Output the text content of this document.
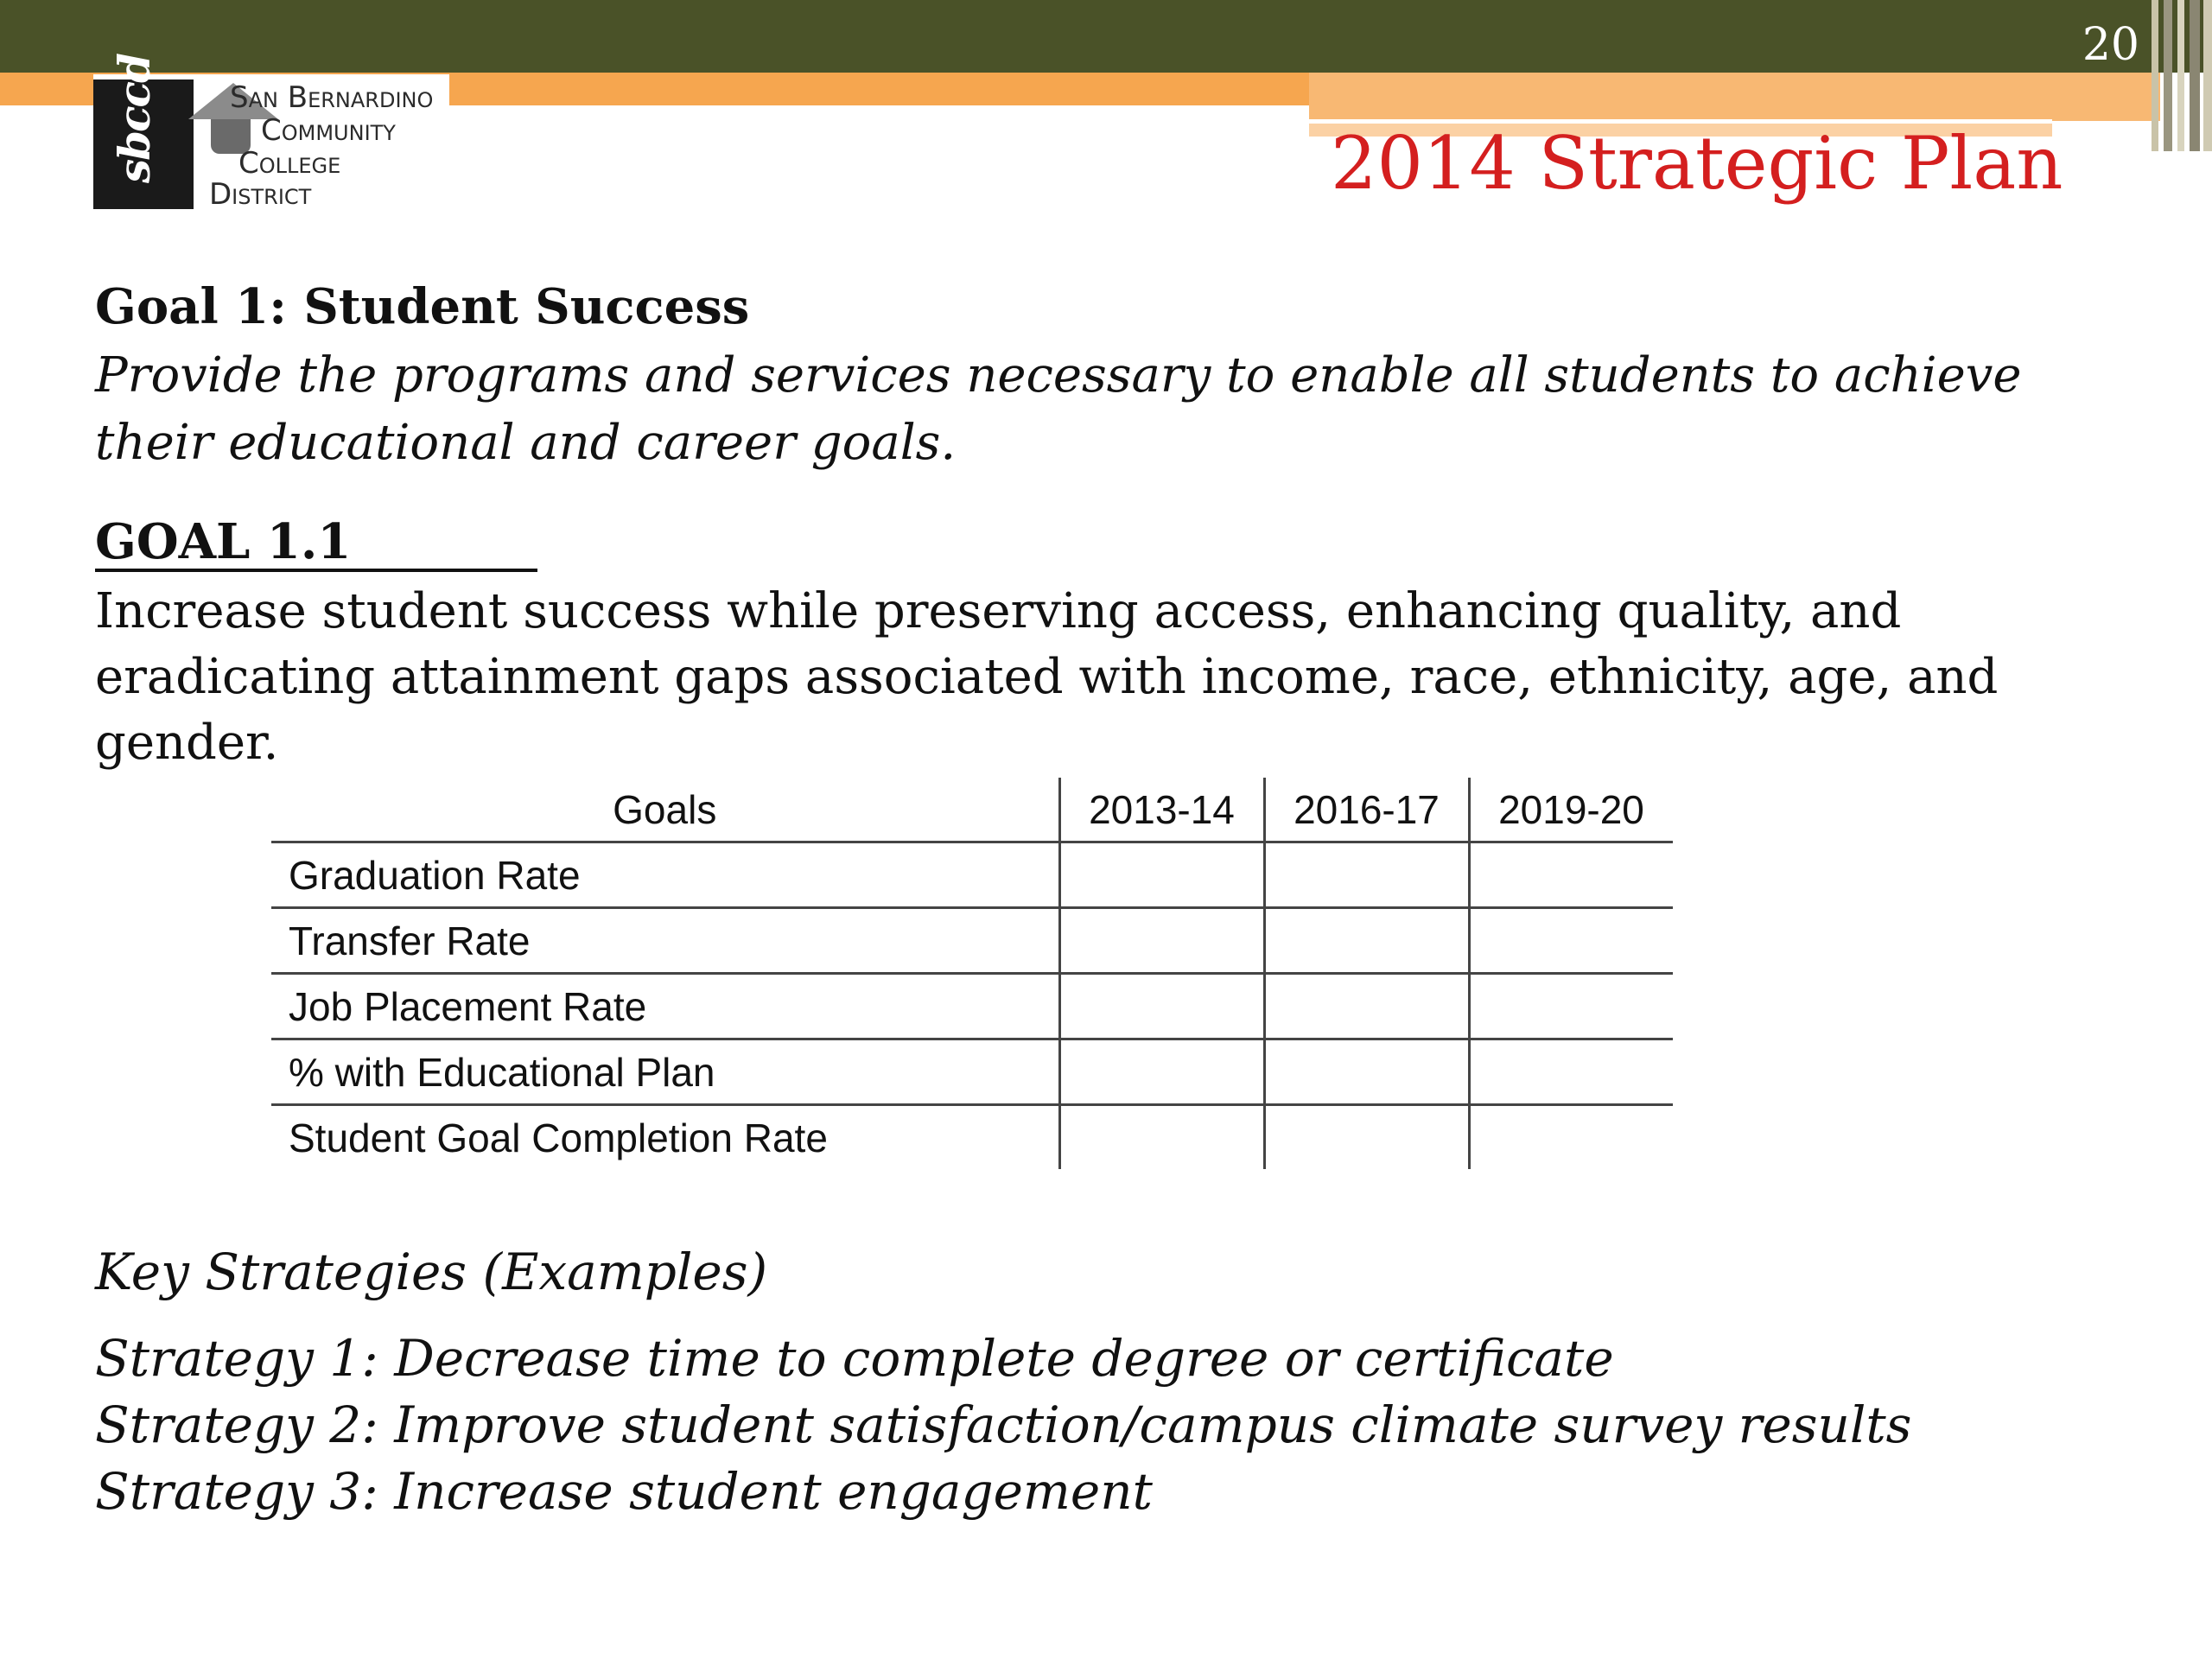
20
sbccd San Bernardino
Community
College
District	2014 Strategic Plan
Goal 1: Student Success
Provide the programs and services necessary to enable all students to achieve their educational and career goals.
GOAL 1.1
Increase student success while preserving access, enhancing quality, and eradicating attainment gaps associated with income, race, ethnicity, age, and gender.
Goals	2013-14	2016-17	2019-20
Graduation Rate			
Transfer Rate			
Job Placement Rate			
% with Educational Plan			
Student Goal Completion Rate			
Key Strategies (Examples)
Strategy 1: Decrease time to complete degree or certificate
Strategy 2: Improve student satisfaction/campus climate survey results
Strategy 3: Increase student engagement
